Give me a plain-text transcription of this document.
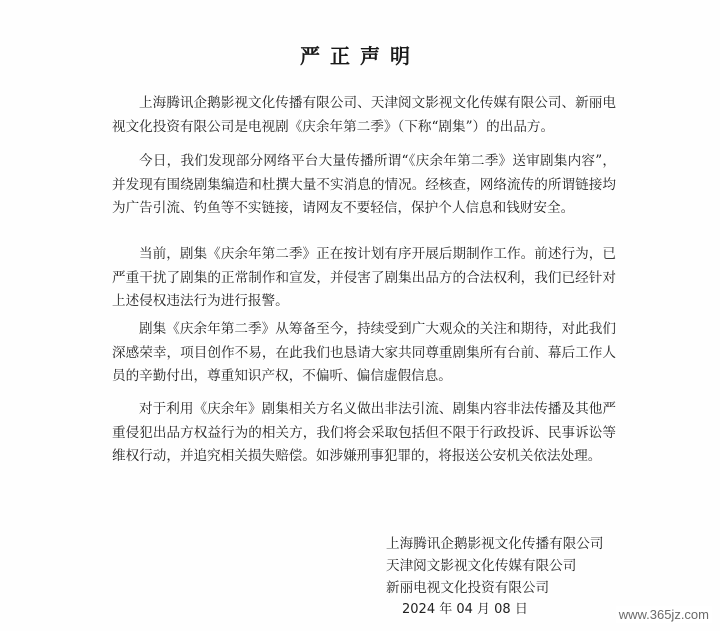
严正声明

上海腾讯企鹅影视文化传播有限公司、天津阅文影视文化传媒有限公司、新丽电视文化投资有限公司是电视剧《庆余年第二季》（下称“剧集”）的出品方。

今日，我们发现部分网络平台大量传播所谓“《庆余年第二季》送审剧集内容”，并发现有围绕剧集编造和杜撰大量不实消息的情况。经核查，网络流传的所谓链接均为广告引流、钓鱼等不实链接，请网友不要轻信，保护个人信息和钱财安全。

当前，剧集《庆余年第二季》正在按计划有序开展后期制作工作。前述行为，已严重干扰了剧集的正常制作和宣发，并侵害了剧集出品方的合法权利，我们已经针对上述侵权违法行为进行报警。

剧集《庆余年第二季》从筹备至今，持续受到广大观众的关注和期待，对此我们深感荣幸，项目创作不易，在此我们也恳请大家共同尊重剧集所有台前、幕后工作人员的辛勤付出，尊重知识产权，不偏听、偏信虚假信息。

对于利用《庆余年》剧集相关方名义做出非法引流、剧集内容非法传播及其他严重侵犯出品方权益行为的相关方，我们将会采取包括但不限于行政投诉、民事诉讼等维权行动，并追究相关损失赔偿。如涉嫌刑事犯罪的，将报送公安机关依法处理。

上海腾讯企鹅影视文化传播有限公司
天津阅文影视文化传媒有限公司
新丽电视文化投资有限公司
2024 年 04 月 08 日	www.365jz.com
